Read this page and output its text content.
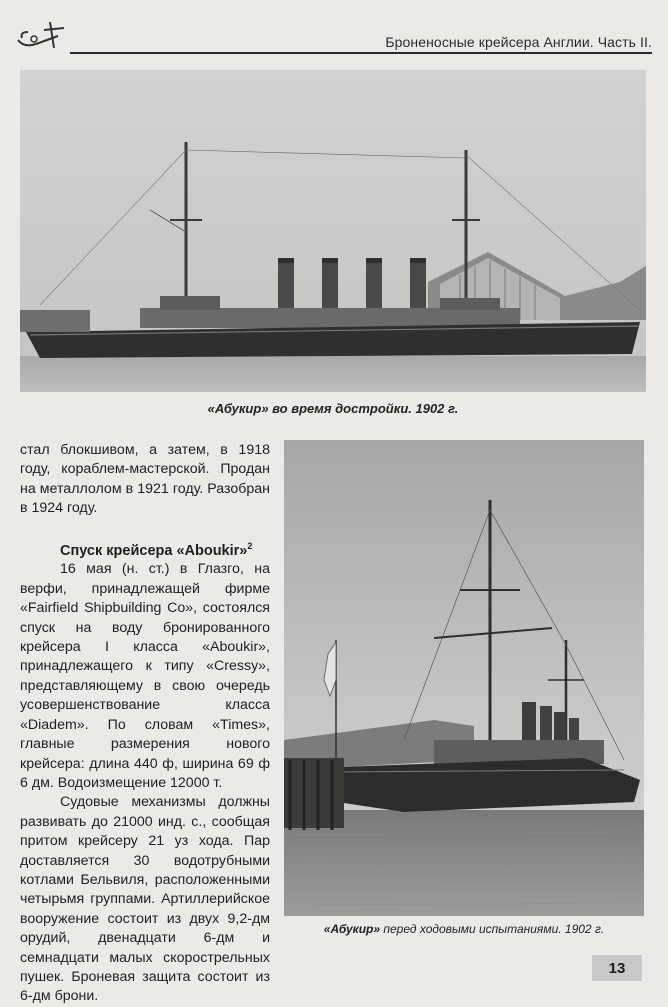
Броненосные крейсера Англии. Часть II.
«Абукир» во время достройки. 1902 г.
«Абукир» перед ходовыми испытаниями. 1902 г.

стал блокшивом, а затем, в 1918 году, кораблем-мастерской. Продан на металлолом в 1921 году. Разобран в 1924 году.

Спуск крейсера «Aboukir»$^2$

16 мая (н. ст.) в Глазго, на верфи, принадлежащей фирме «Fairfield Shipbuilding Co», состоялся спуск на воду бронированного крейсера I класса «Aboukir», принадлежащего к типу «Cressy», представляющему в свою очередь усовершенствование класса «Diadem». По словам «Times», главные размерения нового крейсера: длина 440 ф, ширина 69 ф 6 дм. Водоизмещение 12000 т.

Судовые механизмы должны развивать до 21000 инд. с., сообщая притом крейсеру 21 уз хода. Пар доставляется 30 водотрубными котлами Бельвиля, расположенными четырьмя группами. Артиллерийское вооружение состоит из двух 9,2-дм орудий, двенадцати 6-дм и семнадцати малых скорострельных пушек. Броневая защита состоит из 6-дм брони.

13
